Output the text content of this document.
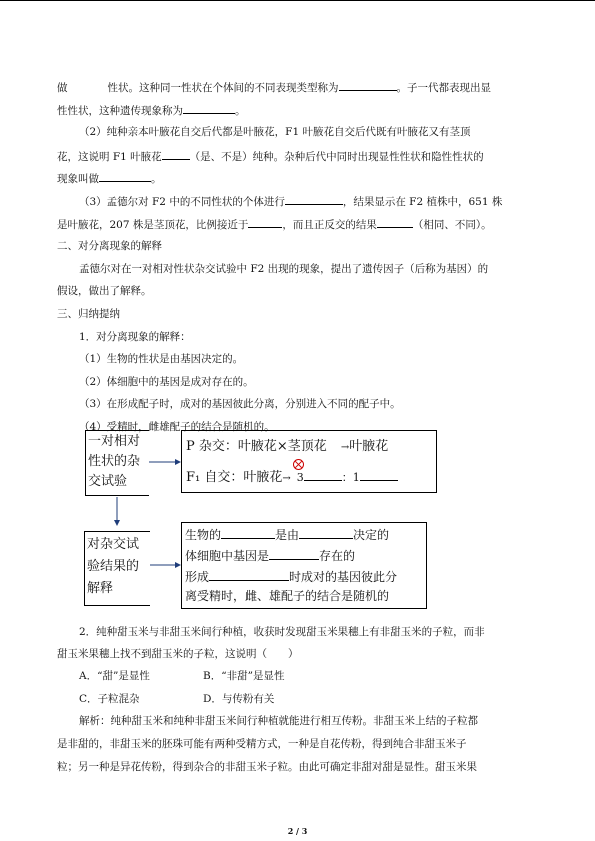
做	性状。这种同一性状在个体间的不同表现类型称为	。子一代都表现出显
性性状，这种遗传现象称为	。
（2）纯种亲本叶腋花自交后代都是叶腋花，F1 叶腋花自交后代既有叶腋花又有茎顶
花，这说明 F1 叶腋花	（是、不是）纯种。杂种后代中同时出现显性性状和隐性性状的
现象叫做	。
（3）孟德尔对 F2 中的不同性状的个体进行	，结果显示在 F2 植株中，651 株
是叶腋花，207 株是茎顶花，比例接近于	，而且正反交的结果	（相同、不同）。
二、对分离现象的解释
孟德尔对在一对相对性状杂交试验中 F2 出现的现象，提出了遗传因子（后称为基因）的
假设，做出了解释。
三、归纳提纳
1．对分离现象的解释：
（1）生物的性状是由基因决定的。
（2）体细胞中的基因是成对存在的。
（3）在形成配子时，成对的基因彼此分离，分别进入不同的配子中。
（4）受精时，雌雄配子的结合是随机的。
一对相对
性状的杂
交试验
P 杂交：叶腋花×茎顶花 →叶腋花
F₁ 自交：叶腋花
→ 3	：1
对杂交试
验结果的
解释
生物的	是由	决定的
体细胞中基因是	存在的
形成	时成对的基因彼此分
离受精时，雌、雄配子的结合是随机的
2．纯种甜玉米与非甜玉米间行种植，收获时发现甜玉米果穗上有非甜玉米的子粒，而非
甜玉米果穗上找不到甜玉米的子粒，这说明（　　）
A．“甜”是显性	B．“非甜”是显性
C．子粒混杂	D．与传粉有关
解析：纯种甜玉米和纯种非甜玉米间行种植就能进行相互传粉。非甜玉米上结的子粒都
是非甜的，非甜玉米的胚珠可能有两种受精方式，一种是自花传粉，得到纯合非甜玉米子
粒；另一种是异花传粉，得到杂合的非甜玉米子粒。由此可确定非甜对甜是显性。甜玉米果
2 / 3
